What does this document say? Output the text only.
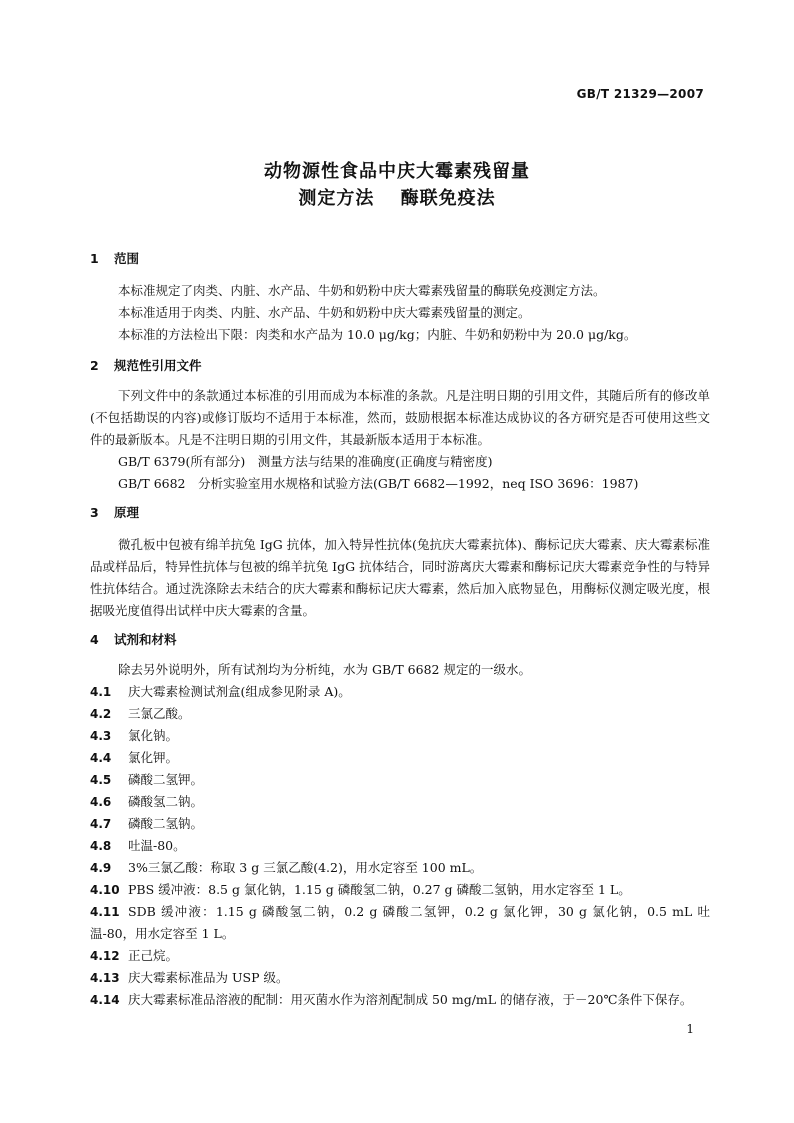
GB/T 21329—2007
动物源性食品中庆大霉素残留量
测定方法　 酶联免疫法
1 范围

本标准规定了肉类、内脏、水产品、牛奶和奶粉中庆大霉素残留量的酶联免疫测定方法。

本标准适用于肉类、内脏、水产品、牛奶和奶粉中庆大霉素残留量的测定。

本标准的方法检出下限：肉类和水产品为 10.0 μg/kg；内脏、牛奶和奶粉中为 20.0 μg/kg。

2 规范性引用文件

下列文件中的条款通过本标准的引用而成为本标准的条款。凡是注明日期的引用文件，其随后所有的修改单(不包括勘误的内容)或修订版均不适用于本标准，然而，鼓励根据本标准达成协议的各方研究是否可使用这些文件的最新版本。凡是不注明日期的引用文件，其最新版本适用于本标准。

GB/T 6379(所有部分)　测量方法与结果的准确度(正确度与精密度)

GB/T 6682　分析实验室用水规格和试验方法(GB/T 6682—1992，neq ISO 3696：1987)

3 原理

微孔板中包被有绵羊抗兔 IgG 抗体，加入特异性抗体(兔抗庆大霉素抗体)、酶标记庆大霉素、庆大霉素标准品或样品后，特异性抗体与包被的绵羊抗兔 IgG 抗体结合，同时游离庆大霉素和酶标记庆大霉素竞争性的与特异性抗体结合。通过洗涤除去未结合的庆大霉素和酶标记庆大霉素，然后加入底物显色，用酶标仪测定吸光度，根据吸光度值得出试样中庆大霉素的含量。

4 试剂和材料

除去另外说明外，所有试剂均为分析纯，水为 GB/T 6682 规定的一级水。

4.1 庆大霉素检测试剂盒(组成参见附录 A)。

4.2 三氯乙酸。

4.3 氯化钠。

4.4 氯化钾。

4.5 磷酸二氢钾。

4.6 磷酸氢二钠。

4.7 磷酸二氢钠。

4.8 吐温-80。

4.9 3%三氯乙酸：称取 3 g 三氯乙酸(4.2)，用水定容至 100 mL。

4.10 PBS 缓冲液：8.5 g 氯化钠，1.15 g 磷酸氢二钠，0.27 g 磷酸二氢钠，用水定容至 1 L。

4.11 SDB 缓冲液：1.15 g 磷酸氢二钠，0.2 g 磷酸二氢钾，0.2 g 氯化钾，30 g 氯化钠，0.5 mL 吐温-80，用水定容至 1 L。

4.12 正己烷。

4.13 庆大霉素标准品为 USP 级。

4.14 庆大霉素标准品溶液的配制：用灭菌水作为溶剂配制成 50 mg/mL 的储存液，于－20℃条件下保存。

1
